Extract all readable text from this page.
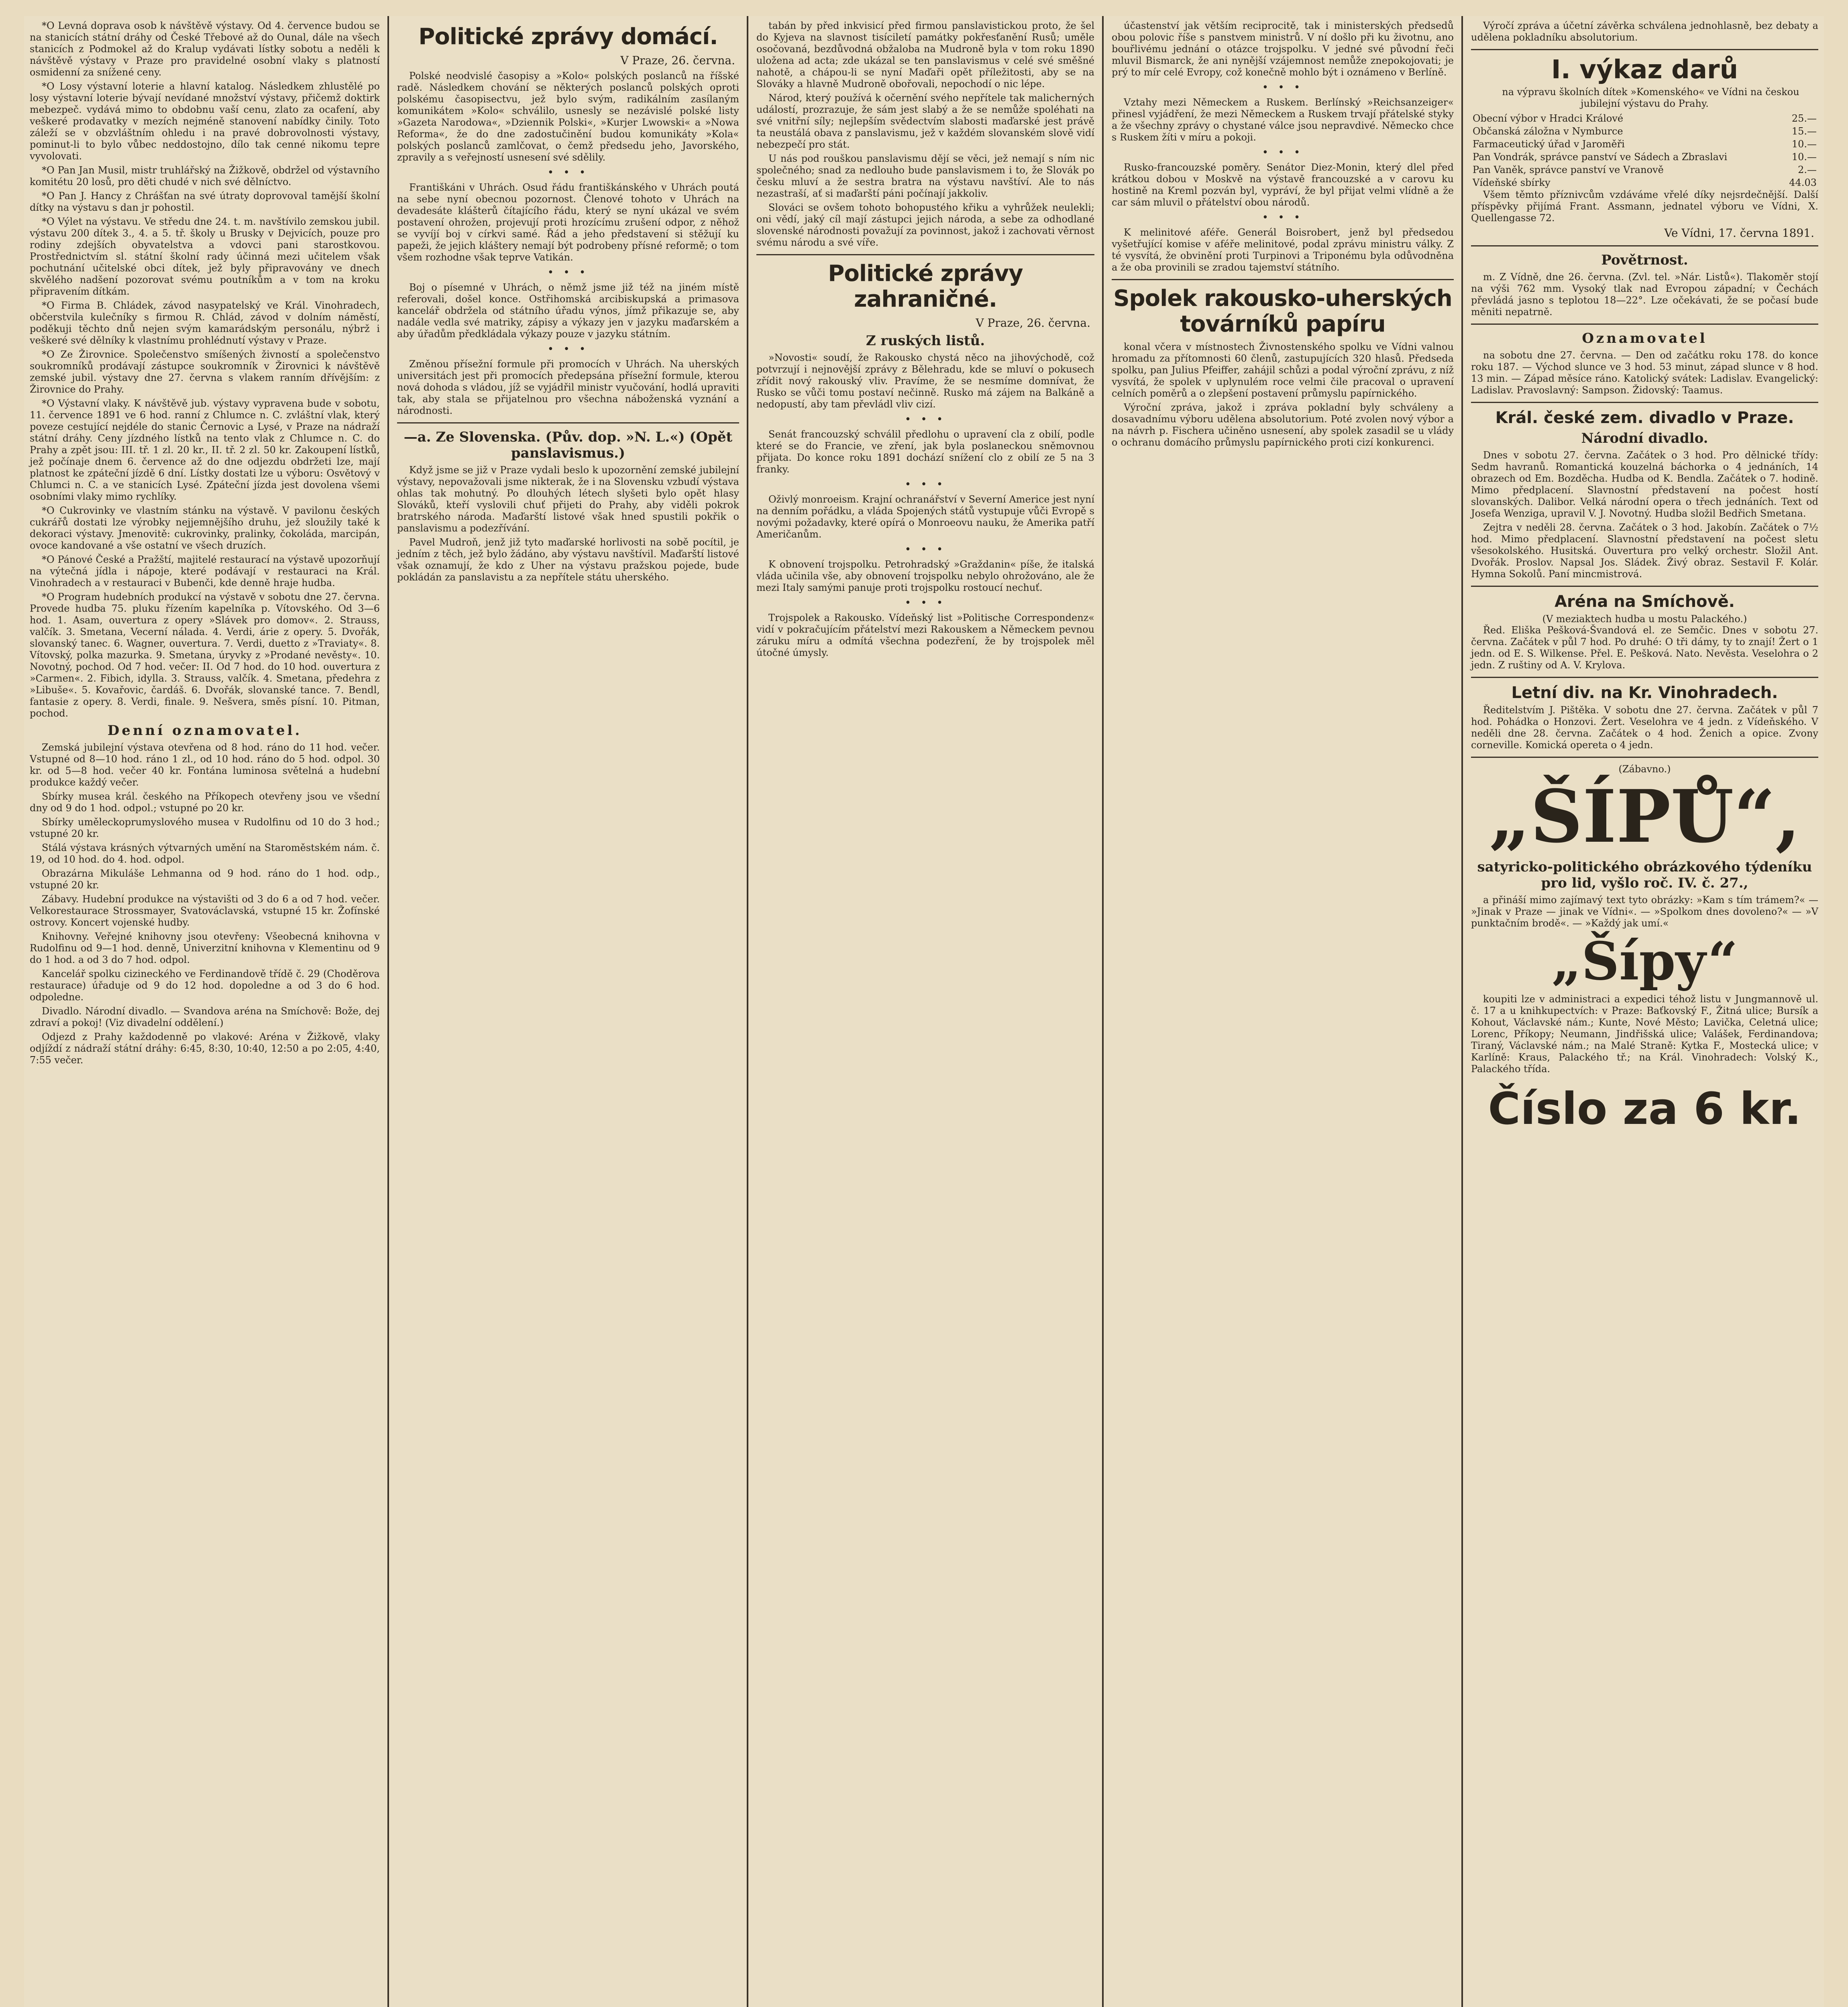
*O Levná doprava osob k návštěvě výstavy. Od 4. července budou se na stanicích státní dráhy od České Třebové až do Ounal, dále na všech stanicích z Podmokel až do Kralup vydávati lístky sobotu a neděli k návštěvě výstavy v Praze pro pravidelné osobní vlaky s platností osmidenní za snížené ceny.

*O Losy výstavní loterie a hlavní katalog. Následkem zhlustělé po losy výstavní loterie bývají nevídané množství výstavy, přičemž doktirk mebezpeč. vydává mimo to obdobnu vaší cenu, zlato za ocafení, aby veškeré prodavatky v mezích nejméně stanovení nabídky činily. Toto záleží se v obzvláštním ohledu i na pravé dobrovolnosti výstavy, pominut-li to bylo vůbec neddostojno, dílo tak cenné nikomu tepre vyvolovati.

*O Pan Jan Musil, mistr truhlářský na Žižkově, obdržel od výstavního komitétu 20 losů, pro děti chudé v nich své dělníctvo.

*O Pan J. Hancy z Chrášťan na své útraty doprovoval tamější školní dítky na výstavu s dan jr pohostil.

*O Výlet na výstavu. Ve středu dne 24. t. m. navštívilo zemskou jubil. výstavu 200 dítek 3., 4. a 5. tř. školy u Brusky v Dejvicích, pouze pro rodiny zdejších obyvatelstva a vdovci pani starostkovou. Prostřednictvím sl. státní školní rady účinná mezi učitelem však pochutnání učitelské obci dítek, jež byly připravovány ve dnech skvělého nadšení pozorovat svému poutníkům a v tom na kroku připravením dítkám.

*O Firma B. Chládek, závod nasypatelský ve Král. Vinohradech, občerstvila kulečníky s firmou R. Chlád, závod v dolním náměstí, poděkuji těchto dnů nejen svým kamarádským personálu, nýbrž i veškeré své dělníky k vlastnímu prohlédnutí výstavy v Praze.

*O Ze Žirovnice. Společenstvo smíšených živností a společenstvo soukromníků prodávají zástupce soukromník v Žirovnici k návštěvě zemské jubil. výstavy dne 27. června s vlakem ranním dřívějším: z Žirovnice do Prahy.

*O Výstavní vlaky. K návštěvě jub. výstavy vypravena bude v sobotu, 11. července 1891 ve 6 hod. ranní z Chlumce n. C. zvláštní vlak, který poveze cestující nejdéle do stanic Černovic a Lysé, v Praze na nádraží státní dráhy. Ceny jízdného lístků na tento vlak z Chlumce n. C. do Prahy a zpět jsou: III. tř. 1 zl. 20 kr., II. tř. 2 zl. 50 kr. Zakoupení lístků, jež počínaje dnem 6. července až do dne odjezdu obdržeti lze, mají platnost ke zpáteční jízdě 6 dní. Lístky dostati lze u výboru: Osvětový v Chlumci n. C. a ve stanicích Lysé. Zpáteční jízda jest dovolena všemi osobními vlaky mimo rychlíky.

*O Cukrovinky ve vlastním stánku na výstavě. V pavilonu českých cukrářů dostati lze výrobky nejjemnějšího druhu, jež sloužily také k dekoraci výstavy. Jmenovitě: cukrovinky, pralinky, čokoláda, marcipán, ovoce kandované a vše ostatní ve všech druzích.

*O Pánové České a Pražští, majitelé restaurací na výstavě upozorňují na výtečná jídla i nápoje, které podávají v restauraci na Král. Vinohradech a v restauraci v Bubenči, kde denně hraje hudba.

*O Program hudebních produkcí na výstavě v sobotu dne 27. června. Provede hudba 75. pluku řízením kapelníka p. Vítovského. Od 3—6 hod. 1. Asam, ouvertura z opery »Slávek pro domov«. 2. Strauss, valčík. 3. Smetana, Vecerní nálada. 4. Verdi, árie z opery. 5. Dvořák, slovanský tanec. 6. Wagner, ouvertura. 7. Verdi, duetto z »Traviaty«. 8. Vítovský, polka mazurka. 9. Smetana, úryvky z »Prodané nevěsty«. 10. Novotný, pochod. Od 7 hod. večer: II. Od 7 hod. do 10 hod. ouvertura z »Carmen«. 2. Fibich, idylla. 3. Strauss, valčík. 4. Smetana, předehra z »Libuše«. 5. Kovařovic, čardáš. 6. Dvořák, slovanské tance. 7. Bendl, fantasie z opery. 8. Verdi, finale. 9. Nešvera, směs písní. 10. Pitman, pochod.

Denní oznamovatel.

Zemská jubilejní výstava otevřena od 8 hod. ráno do 11 hod. večer. Vstupné od 8—10 hod. ráno 1 zl., od 10 hod. ráno do 5 hod. odpol. 30 kr. od 5—8 hod. večer 40 kr. Fontána luminosa světelná a hudební produkce každý večer.

Sbírky musea král. českého na Příkopech otevřeny jsou ve všední dny od 9 do 1 hod. odpol.; vstupné po 20 kr.

Sbírky uměleckoprumyslového musea v Rudolfinu od 10 do 3 hod.; vstupné 20 kr.

Stálá výstava krásných výtvarných umění na Staroměstském nám. č. 19, od 10 hod. do 4. hod. odpol.

Obrazárna Mikuláše Lehmanna od 9 hod. ráno do 1 hod. odp., vstupné 20 kr.

Zábavy. Hudební produkce na výstavišti od 3 do 6 a od 7 hod. večer. Velkorestaurace Strossmayer, Svatováclavská, vstupné 15 kr. Žofínské ostrovy. Koncert vojenské hudby.

Knihovny. Veřejné knihovny jsou otevřeny: Všeobecná knihovna v Rudolfinu od 9—1 hod. denně, Univerzitní knihovna v Klementinu od 9 do 1 hod. a od 3 do 7 hod. odpol.

Kancelář spolku cizineckého ve Ferdinandově třídě č. 29 (Choděrova restaurace) úřaduje od 9 do 12 hod. dopoledne a od 3 do 6 hod. odpoledne.

Divadlo. Národní divadlo. — Svandova aréna na Smíchově: Bože, dej zdraví a pokoj! (Viz divadelní oddělení.)

Odjezd z Prahy každodenně po vlakové: Aréna v Žižkově, vlaky odjíždí z nádraží státní dráhy: 6:45, 8:30, 10:40, 12:50 a po 2:05, 4:40, 7:55 večer.

Politické zprávy domácí.
V Praze, 26. června.

Polské neodvislé časopisy a »Kolo« polských poslanců na říšské radě. Následkem chování se některých poslanců polských oproti polskému časopisectvu, jež bylo svým, radikálním zasílaným komunikátem »Kolo« schválilo, usnesly se nezávislé polské listy »Gazeta Narodowa«, »Dziennik Polski«, »Kurjer Lwowski« a »Nowa Reforma«, že do dne zadostučinění budou komunikáty »Kola« polských poslanců zamlčovat, o čemž předsedu jeho, Javorského, zpravily a s veřejností usnesení své sdělily.

• • •

Františkáni v Uhrách. Osud řádu františkánského v Uhrách poutá na sebe nyní obecnou pozornost. Členové tohoto v Uhrách na devadesáte klášterů čítajícího řádu, který se nyní ukázal ve svém postavení ohrožen, projevují proti hrozícímu zrušení odpor, z něhož se vyvíjí boj v církvi samé. Řád a jeho představení si stěžují ku papeži, že jejich kláštery nemají být podrobeny přísné reformě; o tom všem rozhodne však teprve Vatikán.

• • •

Boj o písemné v Uhrách, o němž jsme již též na jiném místě referovali, došel konce. Ostřihomská arcibiskupská a primasova kancelář obdržela od státního úřadu výnos, jímž přikazuje se, aby nadále vedla své matriky, zápisy a výkazy jen v jazyku maďarském a aby úřadům předkládala výkazy pouze v jazyku státním.

• • •

Změnou přísežní formule při promocích v Uhrách. Na uherských universitách jest při promocích předepsána přísežní formule, kterou nová dohoda s vládou, jíž se vyjádřil ministr vyučování, hodlá upraviti tak, aby stala se přijatelnou pro všechna náboženská vyznání a národnosti.

—a. Ze Slovenska. (Pův. dop. »N. L.«) (Opět panslavismus.)

Když jsme se již v Praze vydali beslo k upozornění zemské jubilejní výstavy, nepovažovali jsme nikterak, že i na Slovensku vzbudí výstava ohlas tak mohutný. Po dlouhých létech slyšeti bylo opět hlasy Slováků, kteří vyslovili chuť přijeti do Prahy, aby viděli pokrok bratrského národa. Maďarští listové však hned spustili pokřik o panslavismu a podezřívání.

Pavel Mudroň, jenž již tyto maďarské horlivosti na sobě pocítil, je jedním z těch, jež bylo žádáno, aby výstavu navštívil. Maďarští listové však oznamují, že kdo z Uher na výstavu pražskou pojede, bude pokládán za panslavistu a za nepřítele státu uherského.

tabán by před inkvisicí před firmou panslavistickou proto, že šel do Kyjeva na slavnost tisíciletí památky pokřesťanění Rusů; uměle osočovaná, bezdůvodná obžaloba na Mudroně byla v tom roku 1890 uložena ad acta; zde ukázal se ten panslavismus v celé své směšné nahotě, a chápou-li se nyní Maďaři opět příležitosti, aby se na Slováky a hlavně Mudroně obořovali, nepochodí o nic lépe.

Národ, který používá k očernění svého nepřítele tak malicherných událostí, prozrazuje, že sám jest slabý a že se nemůže spoléhati na své vnitřní síly; nejlepším svědectvím slabosti maďarské jest právě ta neustálá obava z panslavismu, jež v každém slovanském slově vidí nebezpečí pro stát.

U nás pod rouškou panslavismu dějí se věci, jež nemají s ním nic společného; snad za nedlouho bude panslavismem i to, že Slovák po česku mluví a že sestra bratra na výstavu navštíví. Ale to nás nezastraší, ať si maďarští páni počínají jakkoliv.

Slováci se ovšem tohoto bohopustého křiku a vyhrůžek neulekli; oni vědí, jaký cíl mají zástupci jejich národa, a sebe za odhodlané slovenské národnosti považují za povinnost, jakož i zachovati věrnost svému národu a své víře.

Politické zprávy zahraničné.
V Praze, 26. června.
Z ruských listů.

»Novosti« soudí, že Rakousko chystá něco na jihovýchodě, což potvrzují i nejnovější zprávy z Bělehradu, kde se mluví o pokusech zřídit nový rakouský vliv. Pravíme, že se nesmíme domnívat, že Rusko se vůči tomu postaví nečinně. Rusko má zájem na Balkáně a nedopustí, aby tam převládl vliv cizí.

• • •

Senát francouzský schválil předlohu o upravení cla z obilí, podle které se do Francie, ve zření, jak byla poslaneckou sněmovnou přijata. Do konce roku 1891 dochází snížení clo z obilí ze 5 na 3 franky.

• • •

Oživlý monroeism. Krajní ochranářství v Severní Americe jest nyní na denním pořádku, a vláda Spojených států vystupuje vůči Evropě s novými požadavky, které opírá o Monroeovu nauku, že Amerika patří Američanům.

• • •

K obnovení trojspolku. Petrohradský »Graždanin« píše, že italská vláda učinila vše, aby obnovení trojspolku nebylo ohrožováno, ale že mezi Italy samými panuje proti trojspolku rostoucí nechuť.

• • •

Trojspolek a Rakousko. Vídeňský list »Politische Correspondenz« vidí v pokračujícím přátelství mezi Rakouskem a Německem pevnou záruku míru a odmítá všechna podezření, že by trojspolek měl útočné úmysly.

účastenství jak větším reciprocitě, tak i ministerských předsedů obou polovic říše s panstvem ministrů. V ní došlo při ku životnu, ano bouřlivému jednání o otázce trojspolku. V jedné své původní řeči mluvil Bismarck, že ani nynější vzájemnost nemůže znepokojovati; je prý to mír celé Evropy, což konečně mohlo být i oznámeno v Berlíně.

• • •

Vztahy mezi Německem a Ruskem. Berlínský »Reichsanzeiger« přinesl vyjádření, že mezi Německem a Ruskem trvají přátelské styky a že všechny zprávy o chystané válce jsou nepravdivé. Německo chce s Ruskem žíti v míru a pokoji.

• • •

Rusko-francouzské poměry. Senátor Diez-Monin, který dlel před krátkou dobou v Moskvě na výstavě francouzské a v carovu ku hostině na Kreml pozván byl, vypráví, že byl přijat velmi vlídně a že car sám mluvil o přátelství obou národů.

• • •

K melinitové aféře. Generál Boisrobert, jenž byl předsedou vyšetřující komise v aféře melinitové, podal zprávu ministru války. Z té vysvítá, že obvinění proti Turpinovi a Triponému byla odůvodněna a že oba provinili se zradou tajemství státního.

Spolek rakousko-uherských továrníků papíru

konal včera v místnostech Živnostenského spolku ve Vídni valnou hromadu za přítomnosti 60 členů, zastupujících 320 hlasů. Předseda spolku, pan Julius Pfeiffer, zahájil schůzi a podal výroční zprávu, z níž vysvítá, že spolek v uplynulém roce velmi čile pracoval o upravení celních poměrů a o zlepšení postavení průmyslu papírnického.

Výroční zpráva, jakož i zpráva pokladní byly schváleny a dosavadnímu výboru udělena absolutorium. Poté zvolen nový výbor a na návrh p. Fischera učiněno usnesení, aby spolek zasadil se u vlády o ochranu domácího průmyslu papírnického proti cizí konkurenci.

Výročí zpráva a účetní závěrka schválena jednohlasně, bez debaty a udělena pokladníku absolutorium.

I. výkaz darů

na výpravu školních dítek »Komenského« ve Vídni na českou jubilejní výstavu do Prahy.

Obecní výbor v Hradci Králové	25.—
Občanská záložna v Nymburce	15.—
Farmaceutický úřad v Jaroměři	10.—
Pan Vondrák, správce panství ve Sádech a Zbraslavi	10.—
Pan Vaněk, správce panství ve Vranově	2.—
Vídeňské sbírky	44.03

Všem těmto příznivcům vzdáváme vřelé díky nejsrdečnější. Další příspěvky přijímá Frant. Assmann, jednatel výboru ve Vídni, X. Quellengasse 72.

Ve Vídni, 17. června 1891.
Povětrnost.

m. Z Vídně, dne 26. června. (Zvl. tel. »Nár. Listů«). Tlakoměr stojí na výši 762 mm. Vysoký tlak nad Evropou západní; v Čechách převládá jasno s teplotou 18—22°. Lze očekávati, že se počasí bude měniti nepatrně.

Oznamovatel

na sobotu dne 27. června. — Den od začátku roku 178. do konce roku 187. — Východ slunce ve 3 hod. 53 minut, západ slunce v 8 hod. 13 min. — Západ měsíce ráno. Katolický svátek: Ladislav. Evangelický: Ladislav. Pravoslavný: Sampson. Židovský: Taamus.

Král. české zem. divadlo v Praze.
Národní divadlo.

Dnes v sobotu 27. června. Začátek o 3 hod. Pro dělnické třídy: Sedm havranů. Romantická kouzelná báchorka o 4 jednáních, 14 obrazech od Em. Bozděcha. Hudba od K. Bendla. Začátek o 7. hodině. Mimo předplacení. Slavnostní představení na počest hostí slovanských. Dalibor. Velká národní opera o třech jednáních. Text od Josefa Wenziga, upravil V. J. Novotný. Hudba složil Bedřich Smetana.

Zejtra v neděli 28. června. Začátek o 3 hod. Jakobín. Začátek o 7½ hod. Mimo předplacení. Slavnostní představení na počest sletu všesokolského. Husitská. Ouvertura pro velký orchestr. Složil Ant. Dvořák. Proslov. Napsal Jos. Sládek. Živý obraz. Sestavil F. Kolár. Hymna Sokolů. Paní mincmistrová.

Aréna na Smíchově.
(V meziaktech hudba u mostu Palackého.)

Řed. Eliška Pešková-Švandová el. ze Semčic. Dnes v sobotu 27. června. Začátek v půl 7 hod. Po druhé: O tři dámy, ty to znají! Žert o 1 jedn. od E. S. Wilkense. Přel. E. Pešková. Nato. Nevěsta. Veselohra o 2 jedn. Z ruštiny od A. V. Krylova.

Letní div. na Kr. Vinohradech.

Ředitelstvím J. Pištěka. V sobotu dne 27. června. Začátek v půl 7 hod. Pohádka o Honzovi. Žert. Veselohra ve 4 jedn. z Vídeňského. V neděli dne 28. června. Začátek o 4 hod. Ženich a opice. Zvony corneville. Komická opereta o 4 jedn.

(Zábavno.)
„ŠÍPŮ“,
satyricko-politického obrázkového týdeníku pro lid, vyšlo roč. IV. č. 27.,

a přináší mimo zajímavý text tyto obrázky: »Kam s tím trámem?« — »Jinak v Praze — jinak ve Vídni«. — »Spolkom dnes dovoleno?« — »V punktačním brodě«. — »Každý jak umí.«

„Šípy“

koupiti lze v administraci a expedici téhož listu v Jungmannově ul. č. 17 a u knihkupectvích: v Praze: Baťkovský F., Žitná ulice; Bursík a Kohout, Václavské nám.; Kunte, Nové Město; Lavička, Celetná ulice; Lorenc, Příkopy; Neumann, Jindřišská ulice; Valášek, Ferdinandova; Tiraný, Václavské nám.; na Malé Straně: Kytka F., Mostecká ulice; v Karlíně: Kraus, Palackého tř.; na Král. Vinohradech: Volský K., Palackého třída.

Číslo za 6 kr.
